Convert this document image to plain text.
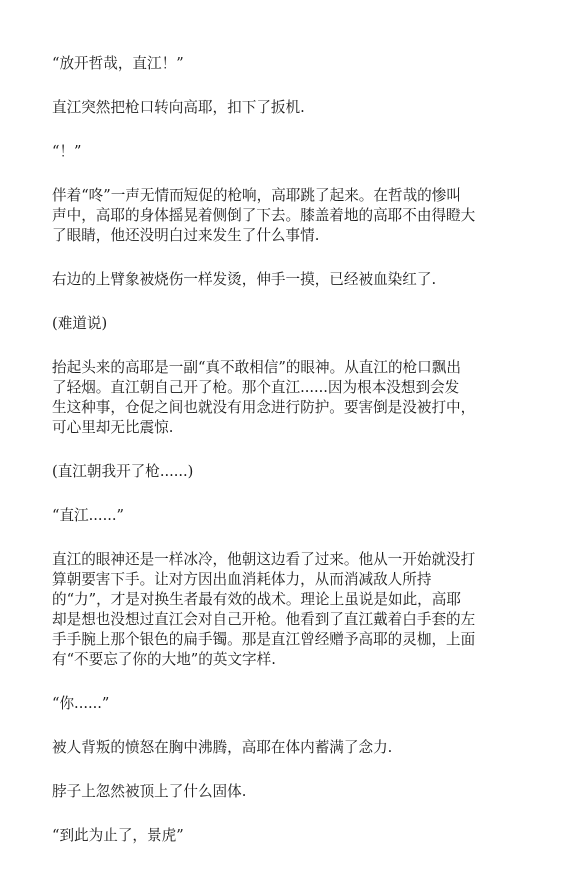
“放开哲哉，直江！”

直江突然把枪口转向高耶，扣下了扳机.

“！”

伴着“咚”一声无情而短促的枪响，高耶跳了起来。在哲哉的惨叫
声中，高耶的身体摇晃着侧倒了下去。膝盖着地的高耶不由得瞪大
了眼睛，他还没明白过来发生了什么事情.

右边的上臂象被烧伤一样发烫，伸手一摸，已经被血染红了.

(难道说)

抬起头来的高耶是一副“真不敢相信”的眼神。从直江的枪口飘出
了轻烟。直江朝自己开了枪。那个直江......因为根本没想到会发
生这种事，仓促之间也就没有用念进行防护。要害倒是没被打中，
可心里却无比震惊.

(直江朝我开了枪......)

“直江......”

直江的眼神还是一样冰冷，他朝这边看了过来。他从一开始就没打
算朝要害下手。让对方因出血消耗体力，从而消减敌人所持
的“力”，才是对换生者最有效的战术。理论上虽说是如此，高耶
却是想也没想过直江会对自己开枪。他看到了直江戴着白手套的左
手手腕上那个银色的扁手镯。那是直江曾经赠予高耶的灵枷，上面
有“不要忘了你的大地”的英文字样.

“你......”

被人背叛的愤怒在胸中沸腾，高耶在体内蓄满了念力.

脖子上忽然被顶上了什么固体.

“到此为止了，景虎”
